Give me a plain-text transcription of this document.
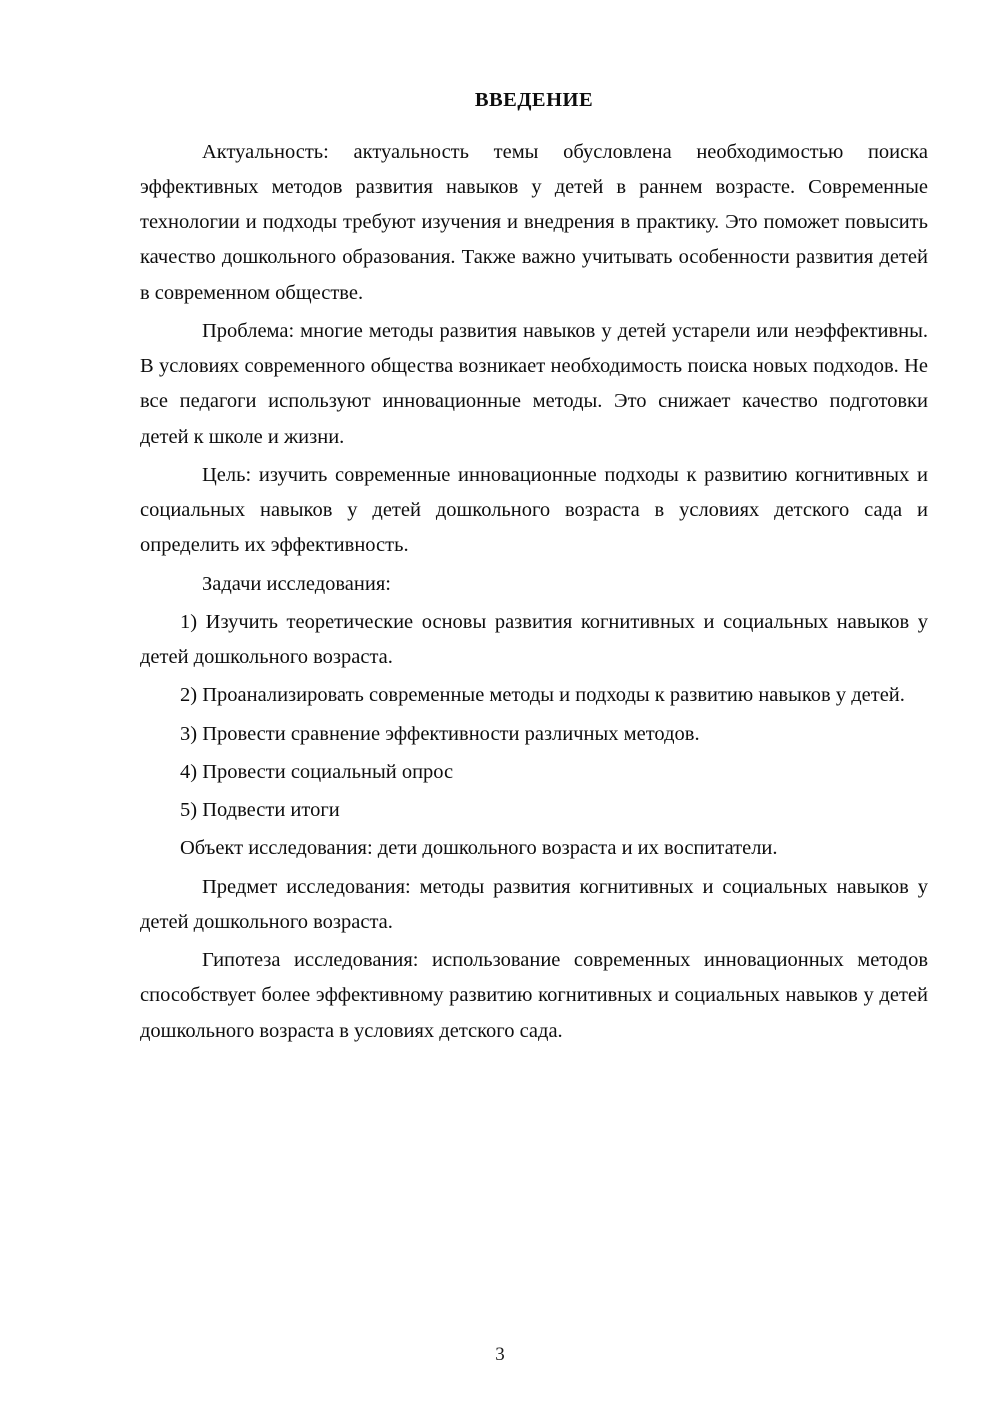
ВВЕДЕНИЕ

Актуальность: актуальность темы обусловлена необходимостью поиска эффективных методов развития навыков у детей в раннем возрасте. Современные технологии и подходы требуют изучения и внедрения в практику. Это поможет повысить качество дошкольного образования. Также важно учитывать особенности развития детей в современном обществе.

Проблема: многие методы развития навыков у детей устарели или неэффективны. В условиях современного общества возникает необходимость поиска новых подходов. Не все педагоги используют инновационные методы. Это снижает качество подготовки детей к школе и жизни.

Цель: изучить современные инновационные подходы к развитию когнитивных и социальных навыков у детей дошкольного возраста в условиях детского сада и определить их эффективность.

Задачи исследования:

1) Изучить теоретические основы развития когнитивных и социальных навыков у детей дошкольного возраста.

2) Проанализировать современные методы и подходы к развитию навыков у детей.

3) Провести сравнение эффективности различных методов.

4) Провести социальный опрос

5) Подвести итоги

Объект исследования: дети дошкольного возраста и их воспитатели.

Предмет исследования: методы развития когнитивных и социальных навыков у детей дошкольного возраста.

Гипотеза исследования: использование современных инновационных методов способствует более эффективному развитию когнитивных и социальных навыков у детей дошкольного возраста в условиях детского сада.

3
